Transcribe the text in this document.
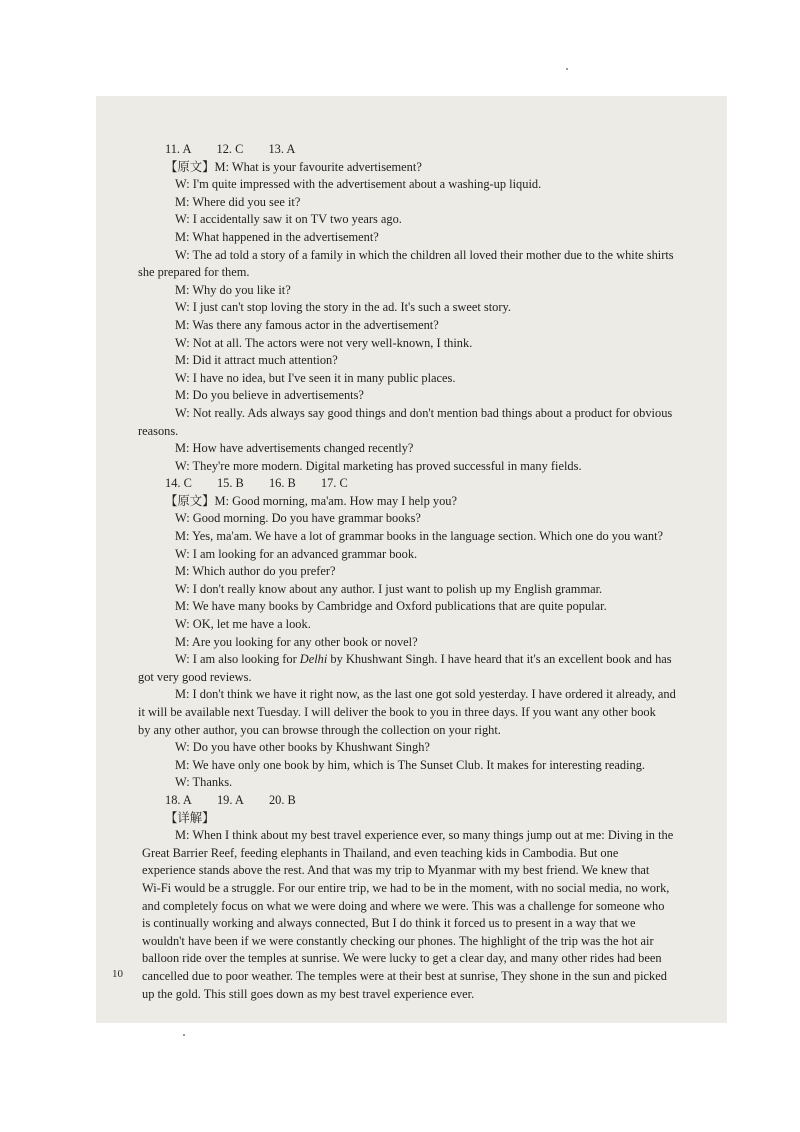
11. A 12. C 13. A
【原文】M: What is your favourite advertisement?
W: I'm quite impressed with the advertisement about a washing-up liquid.
M: Where did you see it?
W: I accidentally saw it on TV two years ago.
M: What happened in the advertisement?
W: The ad told a story of a family in which the children all loved their mother due to the white shirts
she prepared for them.
M: Why do you like it?
W: I just can't stop loving the story in the ad. It's such a sweet story.
M: Was there any famous actor in the advertisement?
W: Not at all. The actors were not very well-known, I think.
M: Did it attract much attention?
W: I have no idea, but I've seen it in many public places.
M: Do you believe in advertisements?
W: Not really. Ads always say good things and don't mention bad things about a product for obvious
reasons.
M: How have advertisements changed recently?
W: They're more modern. Digital marketing has proved successful in many fields.
14. C 15. B 16. B 17. C
【原文】M: Good morning, ma'am. How may I help you?
W: Good morning. Do you have grammar books?
M: Yes, ma'am. We have a lot of grammar books in the language section. Which one do you want?
W: I am looking for an advanced grammar book.
M: Which author do you prefer?
W: I don't really know about any author. I just want to polish up my English grammar.
M: We have many books by Cambridge and Oxford publications that are quite popular.
W: OK, let me have a look.
M: Are you looking for any other book or novel?
W: I am also looking for Delhi by Khushwant Singh. I have heard that it's an excellent book and has
got very good reviews.
M: I don't think we have it right now, as the last one got sold yesterday. I have ordered it already, and
it will be available next Tuesday. I will deliver the book to you in three days. If you want any other book
by any other author, you can browse through the collection on your right.
W: Do you have other books by Khushwant Singh?
M: We have only one book by him, which is The Sunset Club. It makes for interesting reading.
W: Thanks.
18. A 19. A 20. B
【详解】
M: When I think about my best travel experience ever, so many things jump out at me: Diving in the
Great Barrier Reef, feeding elephants in Thailand, and even teaching kids in Cambodia. But one
experience stands above the rest. And that was my trip to Myanmar with my best friend. We knew that
Wi-Fi would be a struggle. For our entire trip, we had to be in the moment, with no social media, no work,
and completely focus on what we were doing and where we were. This was a challenge for someone who
is continually working and always connected, But I do think it forced us to present in a way that we
wouldn't have been if we were constantly checking our phones. The highlight of the trip was the hot air
balloon ride over the temples at sunrise. We were lucky to get a clear day, and many other rides had been
cancelled due to poor weather. The temples were at their best at sunrise, They shone in the sun and picked
up the gold. This still goes down as my best travel experience ever.
10
